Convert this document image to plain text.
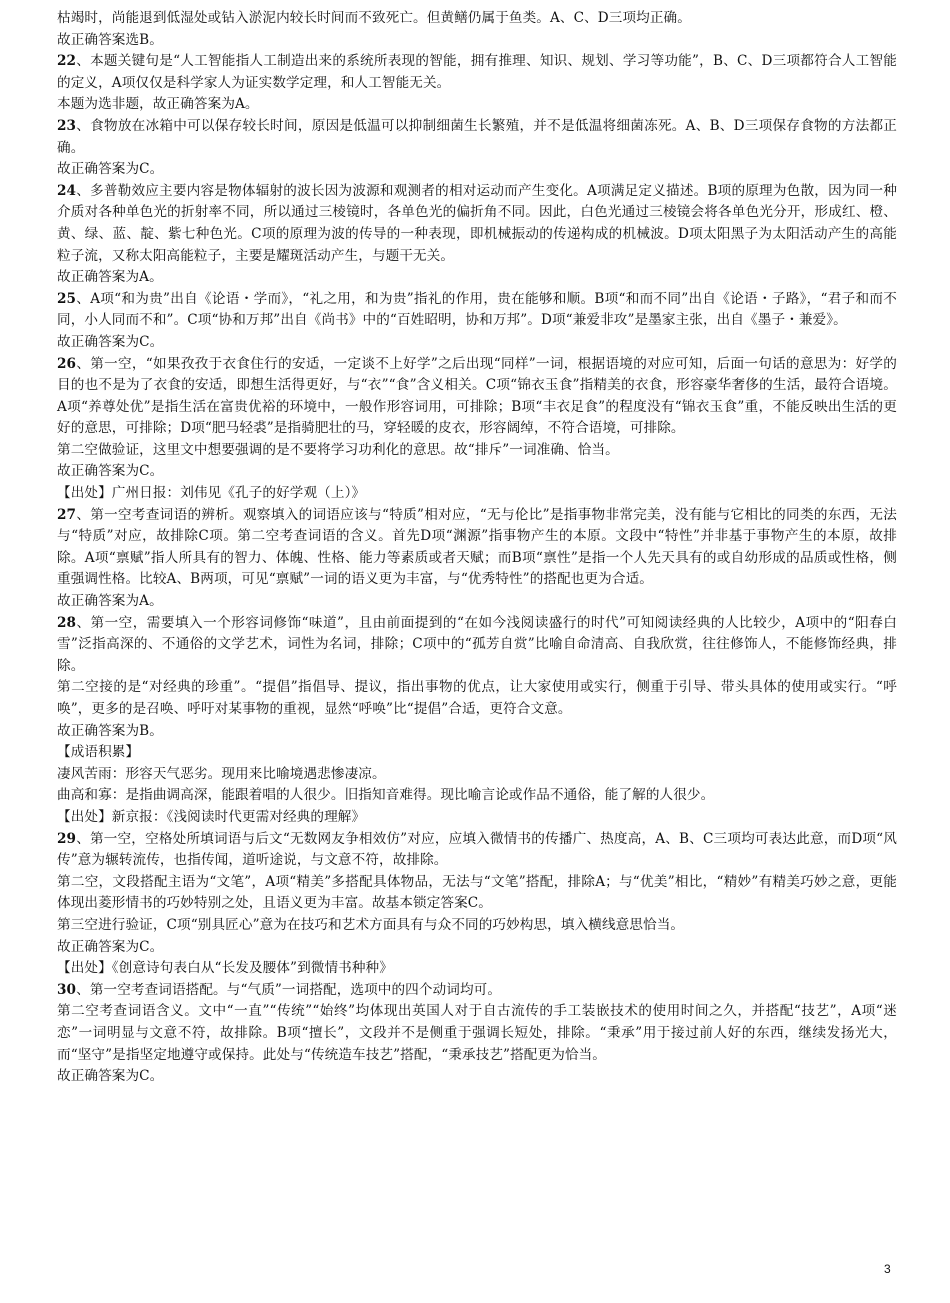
枯竭时，尚能退到低湿处或钻入淤泥内较长时间而不致死亡。但黄鳝仍属于鱼类。A、C、D三项均正确。

故正确答案选B。

22、本题关键句是“人工智能指人工制造出来的系统所表现的智能，拥有推理、知识、规划、学习等功能”，B、C、D三项都符合人工智能的定义，A项仅仅是科学家人为证实数学定理，和人工智能无关。

本题为选非题，故正确答案为A。

23、食物放在冰箱中可以保存较长时间，原因是低温可以抑制细菌生长繁殖，并不是低温将细菌冻死。A、B、D三项保存食物的方法都正确。

故正确答案为C。

24、多普勒效应主要内容是物体辐射的波长因为波源和观测者的相对运动而产生变化。A项满足定义描述。B项的原理为色散，因为同一种介质对各种单色光的折射率不同，所以通过三棱镜时，各单色光的偏折角不同。因此，白色光通过三棱镜会将各单色光分开，形成红、橙、黄、绿、蓝、靛、紫七种色光。C项的原理为波的传导的一种表现，即机械振动的传递构成的机械波。D项太阳黑子为太阳活动产生的高能粒子流，又称太阳高能粒子，主要是耀斑活动产生，与题干无关。

故正确答案为A。

25、A项“和为贵”出自《论语・学而》，“礼之用，和为贵”指礼的作用，贵在能够和顺。B项“和而不同”出自《论语・子路》，“君子和而不同，小人同而不和”。C项“协和万邦”出自《尚书》中的“百姓昭明，协和万邦”。D项“兼爱非攻”是墨家主张，出自《墨子・兼爱》。

故正确答案为C。

26、第一空，“如果孜孜于衣食住行的安适，一定谈不上好学”之后出现“同样”一词，根据语境的对应可知，后面一句话的意思为：好学的目的也不是为了衣食的安适，即想生活得更好，与“衣”“食”含义相关。C项“锦衣玉食”指精美的衣食，形容豪华奢侈的生活，最符合语境。A项“养尊处优”是指生活在富贵优裕的环境中，一般作形容词用，可排除；B项“丰衣足食”的程度没有“锦衣玉食”重，不能反映出生活的更好的意思，可排除；D项“肥马轻裘”是指骑肥壮的马，穿轻暖的皮衣，形容阔绰，不符合语境，可排除。

第二空做验证，这里文中想要强调的是不要将学习功利化的意思。故“排斥”一词准确、恰当。

故正确答案为C。

【出处】广州日报：刘伟见《孔子的好学观（上）》

27、第一空考查词语的辨析。观察填入的词语应该与“特质”相对应，“无与伦比”是指事物非常完美，没有能与它相比的同类的东西，无法与“特质”对应，故排除C项。第二空考查词语的含义。首先D项“渊源”指事物产生的本原。文段中“特性”并非基于事物产生的本原，故排除。A项“禀赋”指人所具有的智力、体魄、性格、能力等素质或者天赋；而B项“禀性”是指一个人先天具有的或自幼形成的品质或性格，侧重强调性格。比较A、B两项，可见“禀赋”一词的语义更为丰富，与“优秀特性”的搭配也更为合适。

故正确答案为A。

28、第一空，需要填入一个形容词修饰“味道”，且由前面提到的“在如今浅阅读盛行的时代”可知阅读经典的人比较少，A项中的“阳春白雪”泛指高深的、不通俗的文学艺术，词性为名词，排除；C项中的“孤芳自赏”比喻自命清高、自我欣赏，往往修饰人，不能修饰经典，排除。

第二空接的是“对经典的珍重”。“提倡”指倡导、提议，指出事物的优点，让大家使用或实行，侧重于引导、带头具体的使用或实行。“呼唤”，更多的是召唤、呼吁对某事物的重视，显然“呼唤”比“提倡”合适，更符合文意。

故正确答案为B。

【成语积累】

凄风苦雨：形容天气恶劣。现用来比喻境遇悲惨凄凉。

曲高和寡：是指曲调高深，能跟着唱的人很少。旧指知音难得。现比喻言论或作品不通俗，能了解的人很少。

【出处】新京报：《浅阅读时代更需对经典的理解》

29、第一空，空格处所填词语与后文“无数网友争相效仿”对应，应填入微情书的传播广、热度高，A、B、C三项均可表达此意，而D项“风传”意为辗转流传，也指传闻，道听途说，与文意不符，故排除。

第二空，文段搭配主语为“文笔”，A项“精美”多搭配具体物品，无法与“文笔”搭配，排除A；与“优美”相比，“精妙”有精美巧妙之意，更能体现出菱形情书的巧妙特别之处，且语义更为丰富。故基本锁定答案C。

第三空进行验证，C项“别具匠心”意为在技巧和艺术方面具有与众不同的巧妙构思，填入横线意思恰当。

故正确答案为C。

【出处】《创意诗句表白从“长发及腰体”到微情书种种》

30、第一空考查词语搭配。与“气质”一词搭配，选项中的四个动词均可。

第二空考查词语含义。文中“一直”“传统”“始终”均体现出英国人对于自古流传的手工装嵌技术的使用时间之久，并搭配“技艺”，A项“迷恋”一词明显与文意不符，故排除。B项“擅长”，文段并不是侧重于强调长短处，排除。“秉承”用于接过前人好的东西，继续发扬光大，而“坚守”是指坚定地遵守或保持。此处与“传统造车技艺”搭配，“秉承技艺”搭配更为恰当。

故正确答案为C。

3
